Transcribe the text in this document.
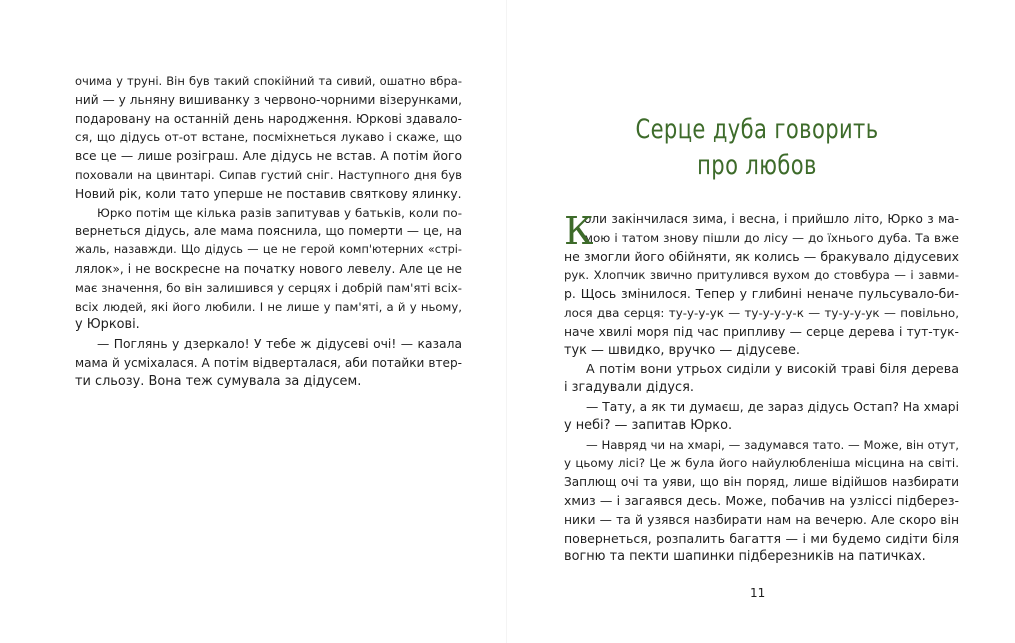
очима у труні. Він був такий спокійний та сивий, ошатно вбра-
ний — у льняну вишиванку з червоно-чорними візерунками,
подаровану на останній день народження. Юркові здавало-
ся, що дідусь от-от встане, посміхнеться лукаво і скаже, що
все це — лише розіграш. Але дідусь не встав. А потім його
поховали на цвинтарі. Сипав густий сніг. Наступного дня був
Новий рік, коли тато уперше не поставив святкову ялинку.
Юрко потім ще кілька разів запитував у батьків, коли по-
вернеться дідусь, але мама пояснила, що померти — це, на
жаль, назавжди. Що дідусь — це не герой комп'ютерних «стрі-
лялок», і не воскресне на початку нового левелу. Але це не
має значення, бо він залишився у серцях і добрій пам'яті всіх-
всіх людей, які його любили. І не лише у пам'яті, а й у ньому,
у Юркові.
— Поглянь у дзеркало! У тебе ж дідусеві очі! — казала
мама й усміхалася. А потім відверталася, аби потайки втер-
ти сльозу. Вона теж сумувала за дідусем.
Серце дуба говорить
про любов
К
оли закінчилася зима, і весна, і прийшло літо, Юрко з ма-
мою і татом знову пішли до лісу — до їхнього дуба. Та вже
не змогли його обійняти, як колись — бракувало дідусевих
рук. Хлопчик звично притулився вухом до стовбура — і завми-
р. Щось змінилося. Тепер у глибині неначе пульсувало-би-
лося два серця: ту-у-у-ук — ту-у-у-у-к — ту-у-у-ук — повільно,
наче хвилі моря під час припливу — серце дерева і тут-тук-
тук — швидко, вручко — дідусеве.
А потім вони утрьох сиділи у високій траві біля дерева
і згадували дідуся.
— Тату, а як ти думаєш, де зараз дідусь Остап? На хмарі
у небі? — запитав Юрко.
— Навряд чи на хмарі, — задумався тато. — Може, він отут,
у цьому лісі? Це ж була його найулюбленіша місцина на світі.
Заплющ очі та уяви, що він поряд, лише відійшов назбирати
хмиз — і загаявся десь. Може, побачив на узліссі підберез-
ники — та й узявся назбирати нам на вечерю. Але скоро він
повернеться, розпалить багаття — і ми будемо сидіти біля
вогню та пекти шапинки підберезників на патичках.
11
